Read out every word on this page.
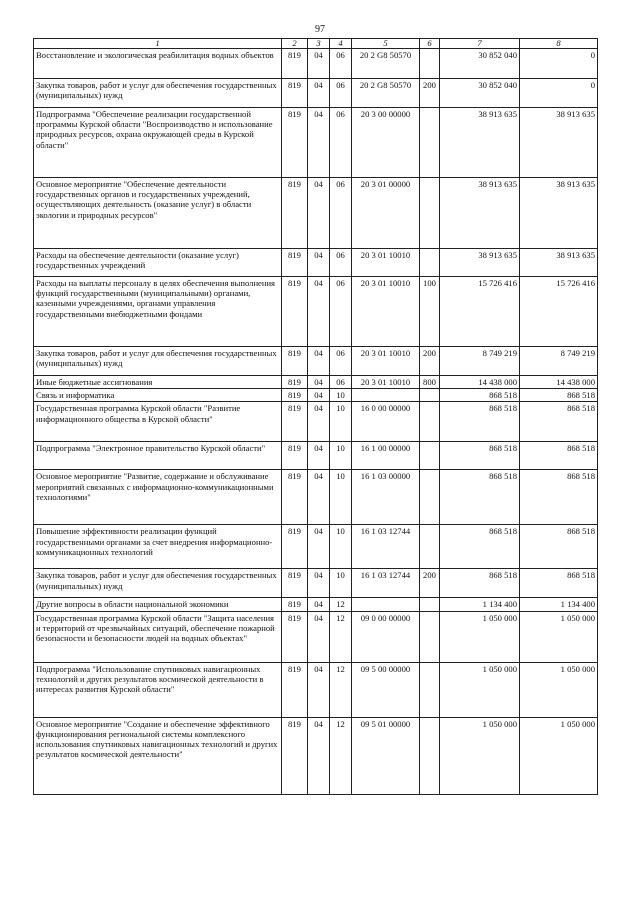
97
1	2	3	4	5	6	7	8
Восстановление и экологическая реабилитация водных объектов	819	04	06	20 2 G8 50570		30 852 040	0
Закупка товаров, работ и услуг для обеспечения государственных (муниципальных) нужд	819	04	06	20 2 G8 50570	200	30 852 040	0
Подпрограмма "Обеспечение реализации государственной программы Курской области "Воспроизводство и использование природных ресурсов, охрана окружающей среды в Курской области"	819	04	06	20 3 00 00000		38 913 635	38 913 635
Основное мероприятие "Обеспечение деятельности государственных органов и государственных учреждений, осуществляющих деятельность (оказание услуг) в области экологии и природных ресурсов"	819	04	06	20 3 01 00000		38 913 635	38 913 635
Расходы на обеспечение деятельности (оказание услуг) государственных учреждений	819	04	06	20 3 01 10010		38 913 635	38 913 635
Расходы на выплаты персоналу в целях обеспечения выполнения функций государственными (муниципальными) органами, казенными учреждениями, органами управления государственными внебюджетными фондами	819	04	06	20 3 01 10010	100	15 726 416	15 726 416
Закупка товаров, работ и услуг для обеспечения государственных (муниципальных) нужд	819	04	06	20 3 01 10010	200	8 749 219	8 749 219
Иные бюджетные ассигнования	819	04	06	20 3 01 10010	800	14 438 000	14 438 000
Связь и информатика	819	04	10			868 518	868 518
Государственная программа Курской области "Развитие информационного общества в Курской области"	819	04	10	16 0 00 00000		868 518	868 518
Подпрограмма "Электронное правительство Курской области"	819	04	10	16 1 00 00000		868 518	868 518
Основное мероприятие "Развитие, содержание и обслуживание мероприятий связанных с информационно-коммуникационными технологиями"	819	04	10	16 1 03 00000		868 518	868 518
Повышение эффективности реализации функций государственными органами за счет внедрения информационно-коммуникационных технологий	819	04	10	16 1 03 12744		868 518	868 518
Закупка товаров, работ и услуг для обеспечения государственных (муниципальных) нужд	819	04	10	16 1 03 12744	200	868 518	868 518
Другие вопросы в области национальной экономики	819	04	12			1 134 400	1 134 400
Государственная программа Курской области "Защита населения и территорий от чрезвычайных ситуаций, обеспечение пожарной безопасности и безопасности людей на водных объектах"	819	04	12	09 0 00 00000		1 050 000	1 050 000
Подпрограмма "Использование спутниковых навигационных технологий и других результатов космической деятельности в интересах развития Курской области"	819	04	12	09 5 00 00000		1 050 000	1 050 000
Основное мероприятие "Создание и обеспечение эффективного функционирования региональной системы комплексного использования спутниковых навигационных технологий и других результатов космической деятельности"	819	04	12	09 5 01 00000		1 050 000	1 050 000
